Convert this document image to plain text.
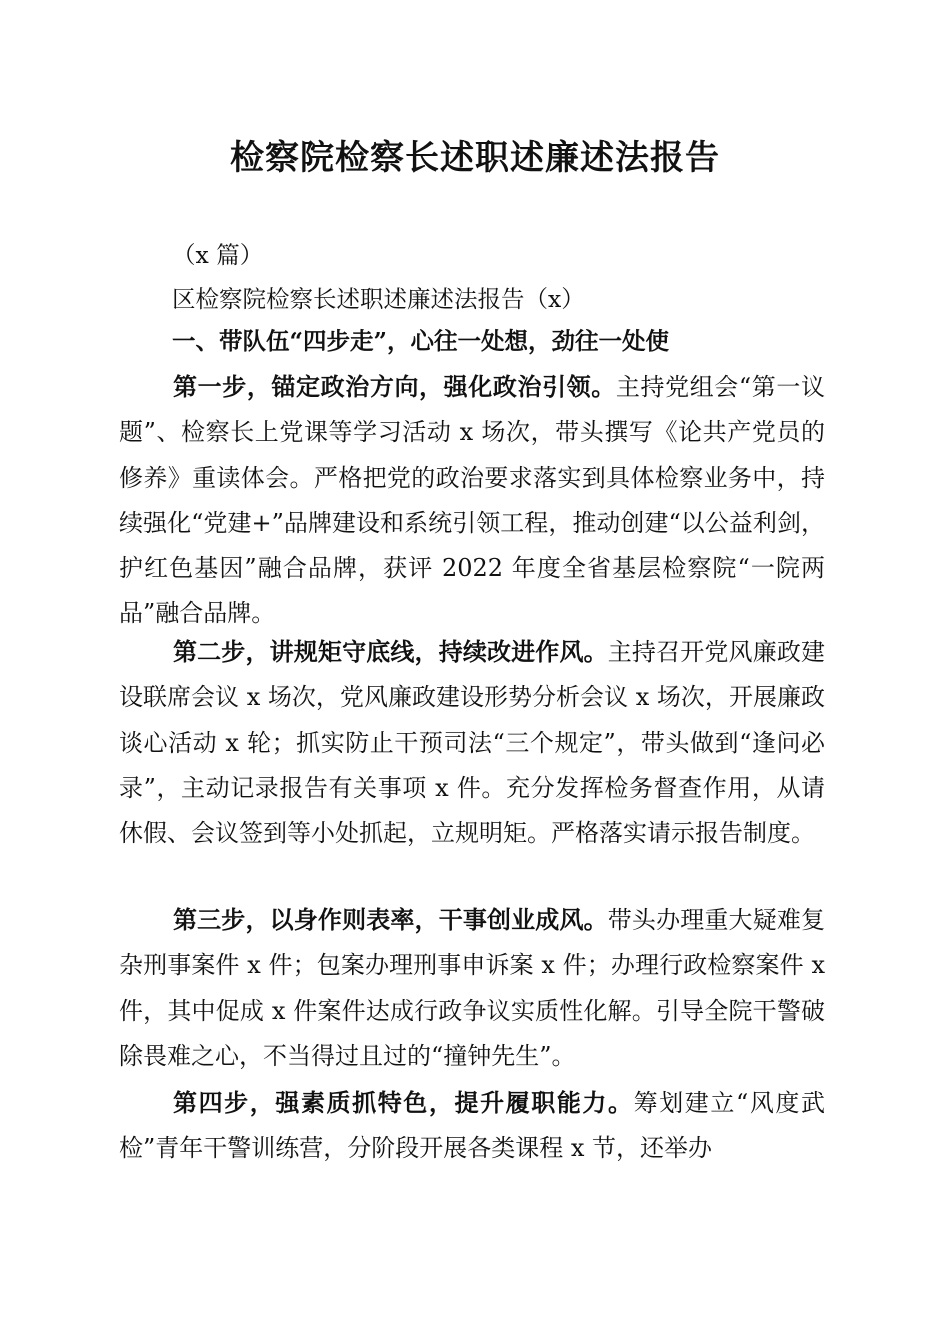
检察院检察长述职述廉述法报告
（x 篇）
区检察院检察长述职述廉述法报告（x）
一、带队伍“四步走”，心往一处想，劲往一处使

第一步，锚定政治方向，强化政治引领。主持党组会“第一议题”、检察长上党课等学习活动 x 场次，带头撰写《论共产党员的修养》重读体会。严格把党的政治要求落实到具体检察业务中，持续强化“党建+”品牌建设和系统引领工程，推动创建“以公益利剑，护红色基因”融合品牌，获评 2022 年度全省基层检察院“一院两品”融合品牌。

第二步，讲规矩守底线，持续改进作风。主持召开党风廉政建设联席会议 x 场次，党风廉政建设形势分析会议 x 场次，开展廉政谈心活动 x 轮；抓实防止干预司法“三个规定”，带头做到“逢问必录”，主动记录报告有关事项 x 件。充分发挥检务督查作用，从请休假、会议签到等小处抓起，立规明矩。严格落实请示报告制度。

第三步，以身作则表率，干事创业成风。带头办理重大疑难复杂刑事案件 x 件；包案办理刑事申诉案 x 件；办理行政检察案件 x 件，其中促成 x 件案件达成行政争议实质性化解。引导全院干警破除畏难之心，不当得过且过的“撞钟先生”。

第四步，强素质抓特色，提升履职能力。筹划建立“风度武检”青年干警训练营，分阶段开展各类课程 x 节，还举办
